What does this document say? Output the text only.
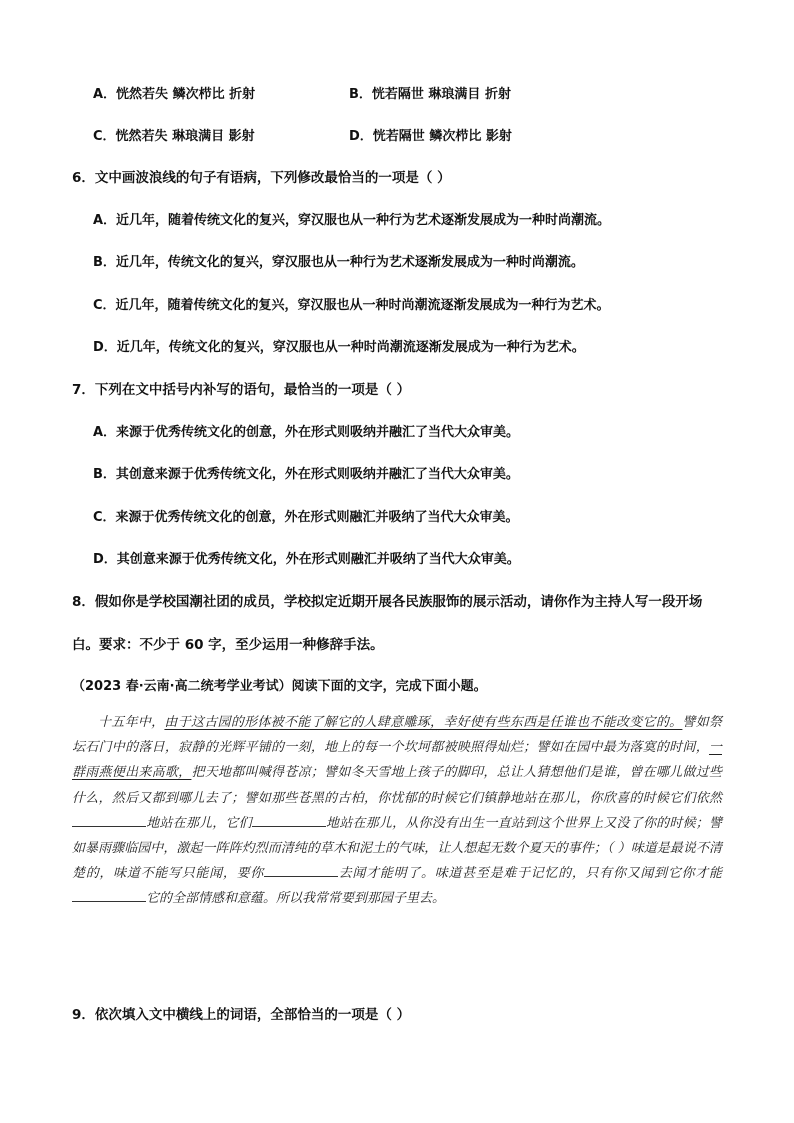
A．恍然若失 鳞次栉比 折射	B．恍若隔世 琳琅满目 折射
C．恍然若失 琳琅满目 影射	D．恍若隔世 鳞次栉比 影射
6．文中画波浪线的句子有语病，下列修改最恰当的一项是（ ）
A．近几年，随着传统文化的复兴，穿汉服也从一种行为艺术逐渐发展成为一种时尚潮流。
B．近几年，传统文化的复兴，穿汉服也从一种行为艺术逐渐发展成为一种时尚潮流。
C．近几年，随着传统文化的复兴，穿汉服也从一种时尚潮流逐渐发展成为一种行为艺术。
D．近几年，传统文化的复兴，穿汉服也从一种时尚潮流逐渐发展成为一种行为艺术。
7．下列在文中括号内补写的语句，最恰当的一项是（ ）
A．来源于优秀传统文化的创意，外在形式则吸纳并融汇了当代大众审美。
B．其创意来源于优秀传统文化，外在形式则吸纳并融汇了当代大众审美。
C．来源于优秀传统文化的创意，外在形式则融汇并吸纳了当代大众审美。
D．其创意来源于优秀传统文化，外在形式则融汇并吸纳了当代大众审美。
8．假如你是学校国潮社团的成员，学校拟定近期开展各民族服饰的展示活动，请你作为主持人写一段开场
白。要求：不少于 60 字，至少运用一种修辞手法。
（2023 春·云南·高二统考学业考试）阅读下面的文字，完成下面小题。

十五年中，由于这古园的形体被不能了解它的人肆意雕琢，幸好使有些东西是任谁也不能改变它的。譬如祭坛石门中的落日，寂静的光辉平铺的一刻，地上的每一个坎坷都被映照得灿烂；譬如在园中最为落寞的时间，一群雨燕便出来高歌，把天地都叫喊得苍凉；譬如冬天雪地上孩子的脚印，总让人猜想他们是谁，曾在哪儿做过些什么，然后又都到哪儿去了；譬如那些苍黑的古柏，你忧郁的时候它们镇静地站在那儿，你欣喜的时候它们依然地站在那儿，它们	地站在那儿，从你没有出生一直站到这个世界上又没了你的时候；譬如暴雨骤临园中，激起一阵阵灼烈而清纯的草木和泥土的气味，让人想起无数个夏天的事件；（ ）味道是最说不清楚的，味道不能写只能闻，要你	去闻才能明了。味道甚至是难于记忆的，只有你又闻到它你才能它的全部情感和意蕴。所以我常常要到那园子里去。

9．依次填入文中横线上的词语，全部恰当的一项是（ ）
